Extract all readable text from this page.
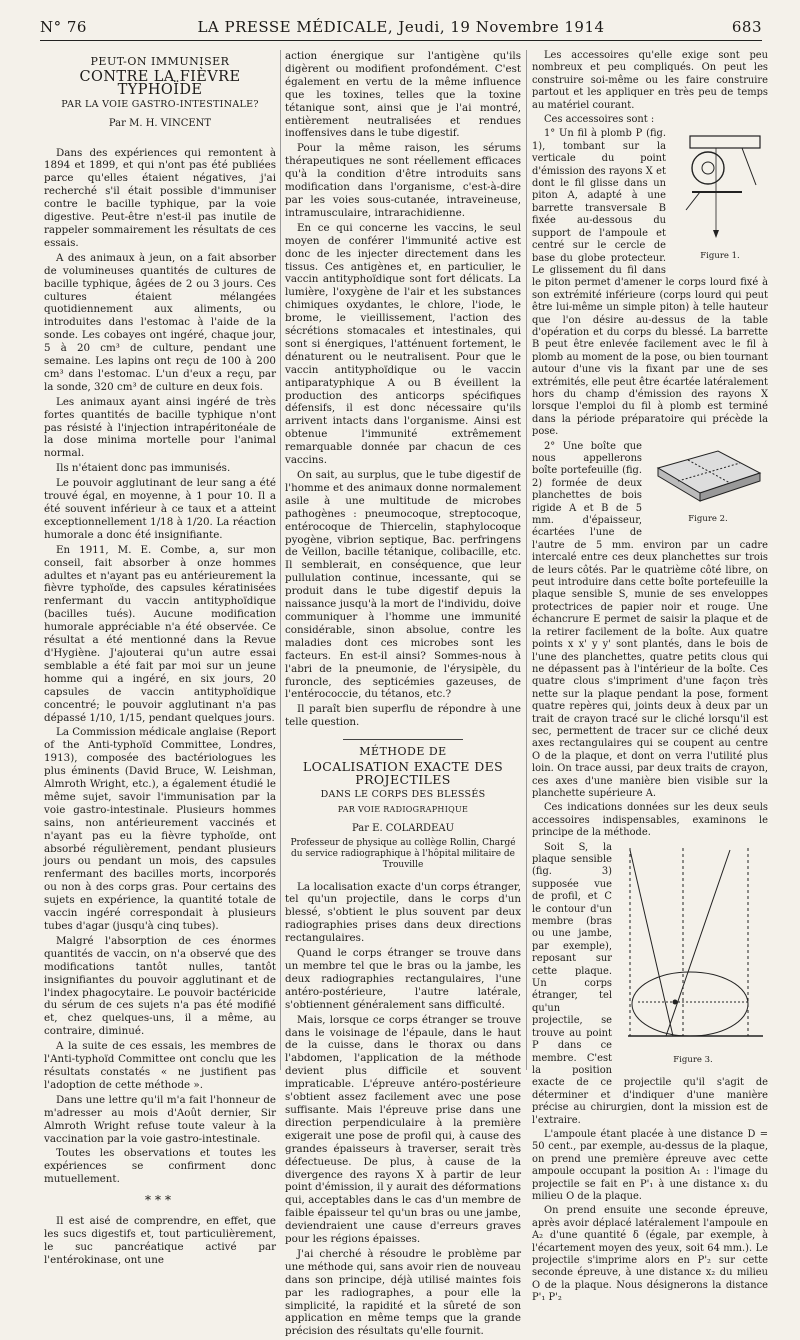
N° 76	LA PRESSE MÉDICALE, Jeudi, 19 Novembre 1914	683
PEUT-ON IMMUNISER
CONTRE LA FIÈVRE TYPHOÏDE
PAR LA VOIE GASTRO-INTESTINALE?
Par M. H. VINCENT

Dans des expériences qui remontent à 1894 et 1899, et qui n'ont pas été publiées parce qu'elles étaient négatives, j'ai recherché s'il était possible d'immuniser contre le bacille typhique, par la voie digestive. Peut-être n'est-il pas inutile de rappeler sommairement les résultats de ces essais.

A des animaux à jeun, on a fait absorber de volumineuses quantités de cultures de bacille typhique, âgées de 2 ou 3 jours. Ces cultures étaient mélangées quotidiennement aux aliments, ou introduites dans l'estomac à l'aide de la sonde. Les cobayes ont ingéré, chaque jour, 5 à 20 cm³ de culture, pendant une semaine. Les lapins ont reçu de 100 à 200 cm³ dans l'estomac. L'un d'eux a reçu, par la sonde, 320 cm³ de culture en deux fois.

Les animaux ayant ainsi ingéré de très fortes quantités de bacille typhique n'ont pas résisté à l'injection intrapéritonéale de la dose minima mortelle pour l'animal normal.

Ils n'étaient donc pas immunisés.

Le pouvoir agglutinant de leur sang a été trouvé égal, en moyenne, à 1 pour 10. Il a été souvent inférieur à ce taux et a atteint exceptionnellement 1/18 à 1/20. La réaction humorale a donc été insignifiante.

En 1911, M. E. Combe, a, sur mon conseil, fait absorber à onze hommes adultes et n'ayant pas eu antérieurement la fièvre typhoïde, des capsules kératinisées renfermant du vaccin antityphoïdique (bacilles tués). Aucune modification humorale appréciable n'a été observée. Ce résultat a été mentionné dans la Revue d'Hygiène. J'ajouterai qu'un autre essai semblable a été fait par moi sur un jeune homme qui a ingéré, en six jours, 20 capsules de vaccin antityphoïdique concentré; le pouvoir agglutinant n'a pas dépassé 1/10, 1/15, pendant quelques jours.

La Commission médicale anglaise (Report of the Anti-typhoïd Committee, Londres, 1913), composée des bactériologues les plus éminents (David Bruce, W. Leishman, Almroth Wright, etc.), a également étudié le même sujet, savoir l'immunisation par la voie gastro-intestinale. Plusieurs hommes sains, non antérieurement vaccinés et n'ayant pas eu la fièvre typhoïde, ont absorbé régulièrement, pendant plusieurs jours ou pendant un mois, des capsules renfermant des bacilles morts, incorporés ou non à des corps gras. Pour certains des sujets en expérience, la quantité totale de vaccin ingéré correspondait à plusieurs tubes d'agar (jusqu'à cinq tubes).

Malgré l'absorption de ces énormes quantités de vaccin, on n'a observé que des modifications tantôt nulles, tantôt insignifiantes du pouvoir agglutinant et de l'index phagocytaire. Le pouvoir bactéricide du sérum de ces sujets n'a pas été modifié et, chez quelques-uns, il a même, au contraire, diminué.

A la suite de ces essais, les membres de l'Anti-typhoïd Committee ont conclu que les résultats constatés « ne justifient pas l'adoption de cette méthode ».

Dans une lettre qu'il m'a fait l'honneur de m'adresser au mois d'Août dernier, Sir Almroth Wright refuse toute valeur à la vaccination par la voie gastro-intestinale.

Toutes les observations et toutes les expériences se confirment donc mutuellement.

***

Il est aisé de comprendre, en effet, que les sucs digestifs et, tout particulièrement, le suc pancréatique activé par l'entérokinase, ont une

action énergique sur l'antigène qu'ils digèrent ou modifient profondément. C'est également en vertu de la même influence que les toxines, telles que la toxine tétanique sont, ainsi que je l'ai montré, entièrement neutralisées et rendues inoffensives dans le tube digestif.

Pour la même raison, les sérums thérapeutiques ne sont réellement efficaces qu'à la condition d'être introduits sans modification dans l'organisme, c'est-à-dire par les voies sous-cutanée, intraveineuse, intramusculaire, intrarachidienne.

En ce qui concerne les vaccins, le seul moyen de conférer l'immunité active est donc de les injecter directement dans les tissus. Ces antigènes et, en particulier, le vaccin antityphoïdique sont fort délicats. La lumière, l'oxygène de l'air et les substances chimiques oxydantes, le chlore, l'iode, le brome, le vieillissement, l'action des sécrétions stomacales et intestinales, qui sont si énergiques, l'atténuent fortement, le dénaturent ou le neutralisent. Pour que le vaccin antityphoïdique ou le vaccin antiparatyphique A ou B éveillent la production des anticorps spécifiques défensifs, il est donc nécessaire qu'ils arrivent intacts dans l'organisme. Ainsi est obtenue l'immunité extrêmement remarquable donnée par chacun de ces vaccins.

On sait, au surplus, que le tube digestif de l'homme et des animaux donne normalement asile à une multitude de microbes pathogènes : pneumocoque, streptocoque, entérocoque de Thiercelin, staphylocoque pyogène, vibrion septique, Bac. perfringens de Veillon, bacille tétanique, colibacille, etc. Il semblerait, en conséquence, que leur pullulation continue, incessante, qui se produit dans le tube digestif depuis la naissance jusqu'à la mort de l'individu, doive communiquer à l'homme une immunité considérable, sinon absolue, contre les maladies dont ces microbes sont les facteurs. En est-il ainsi? Sommes-nous à l'abri de la pneumonie, de l'érysipèle, du furoncle, des septicémies gazeuses, de l'entérococcie, du tétanos, etc.?

Il paraît bien superflu de répondre à une telle question.

MÉTHODE DE
LOCALISATION EXACTE DES PROJECTILES
DANS LE CORPS DES BLESSÉS
PAR VOIE RADIOGRAPHIQUE
Par E. COLARDEAU
Professeur de physique au collège Rollin, Chargé du service radiographique à l'hôpital militaire de Trouville

La localisation exacte d'un corps étranger, tel qu'un projectile, dans le corps d'un blessé, s'obtient le plus souvent par deux radiographies prises dans deux directions rectangulaires.

Quand le corps étranger se trouve dans un membre tel que le bras ou la jambe, les deux radiographies rectangulaires, l'une antéro-postérieure, l'autre latérale, s'obtiennent généralement sans difficulté.

Mais, lorsque ce corps étranger se trouve dans le voisinage de l'épaule, dans le haut de la cuisse, dans le thorax ou dans l'abdomen, l'application de la méthode devient plus difficile et souvent impraticable. L'épreuve antéro-postérieure s'obtient assez facilement avec une pose suffisante. Mais l'épreuve prise dans une direction perpendiculaire à la première exigerait une pose de profil qui, à cause des grandes épaisseurs à traverser, serait très défectueuse. De plus, à cause de la divergence des rayons X à partir de leur point d'émission, il y aurait des déformations qui, acceptables dans le cas d'un membre de faible épaisseur tel qu'un bras ou une jambe, deviendraient une cause d'erreurs graves pour les régions épaisses.

J'ai cherché à résoudre le problème par une méthode qui, sans avoir rien de nouveau dans son principe, déjà utilisé maintes fois par les radiographes, a pour elle la simplicité, la rapidité et la sûreté de son application en même temps que la grande précision des résultats qu'elle fournit.

Les accessoires qu'elle exige sont peu nombreux et peu compliqués. On peut les construire soi-même ou les faire construire partout et les appliquer en très peu de temps au matériel courant.

Ces accessoires sont :

Figure 1.

1° Un fil à plomb P (fig. 1), tombant sur la verticale du point d'émission des rayons X et dont le fil glisse dans un piton A, adapté à une barrette transversale B fixée au-dessous du support de l'ampoule et centré sur le cercle de base du globe protecteur. Le glissement du fil dans le piton permet d'amener le corps lourd fixé à son extrémité inférieure (corps lourd qui peut être lui-même un simple piton) à telle hauteur que l'on désire au-dessus de la table d'opération et du corps du blessé. La barrette B peut être enlevée facilement avec le fil à plomb au moment de la pose, ou bien tournant autour d'une vis la fixant par une de ses extrémités, elle peut être écartée latéralement hors du champ d'émission des rayons X lorsque l'emploi du fil à plomb est terminé dans la période préparatoire qui précède la pose.

Figure 2.

2° Une boîte que nous appellerons boîte portefeuille (fig. 2) formée de deux planchettes de bois rigide A et B de 5 mm. d'épaisseur, écartées l'une de l'autre de 5 mm. environ par un cadre intercalé entre ces deux planchettes sur trois de leurs côtés. Par le quatrième côté libre, on peut introduire dans cette boîte portefeuille la plaque sensible S, munie de ses enveloppes protectrices de papier noir et rouge. Une échancrure E permet de saisir la plaque et de la retirer facilement de la boîte. Aux quatre points x x' y y' sont plantés, dans le bois de l'une des planchettes, quatre petits clous qui ne dépassent pas à l'intérieur de la boîte. Ces quatre clous s'impriment d'une façon très nette sur la plaque pendant la pose, forment quatre repères qui, joints deux à deux par un trait de crayon tracé sur le cliché lorsqu'il est sec, permettent de tracer sur ce cliché deux axes rectangulaires qui se coupent au centre O de la plaque, et dont on verra l'utilité plus loin. On trace aussi, par deux traits de crayon, ces axes d'une manière bien visible sur la planchette supérieure A.

Ces indications données sur les deux seuls accessoires indispensables, examinons le principe de la méthode.

Figure 3.

Soit S, la plaque sensible (fig. 3) supposée vue de profil, et C le contour d'un membre (bras ou une jambe, par exemple), reposant sur cette plaque. Un corps étranger, tel qu'un projectile, se trouve au point P dans ce membre. C'est la position exacte de ce projectile qu'il s'agit de déterminer et d'indiquer d'une manière précise au chirurgien, dont la mission est de l'extraire.

L'ampoule étant placée à une distance D = 50 cent., par exemple, au-dessus de la plaque, on prend une première épreuve avec cette ampoule occupant la position A₁ : l'image du projectile se fait en P'₁ à une distance x₁ du milieu O de la plaque.

On prend ensuite une seconde épreuve, après avoir déplacé latéralement l'ampoule en A₂ d'une quantité δ (égale, par exemple, à l'écartement moyen des yeux, soit 64 mm.). Le projectile s'imprime alors en P'₂ sur cette seconde épreuve, à une distance x₂ du milieu O de la plaque. Nous désignerons la distance P'₁ P'₂
